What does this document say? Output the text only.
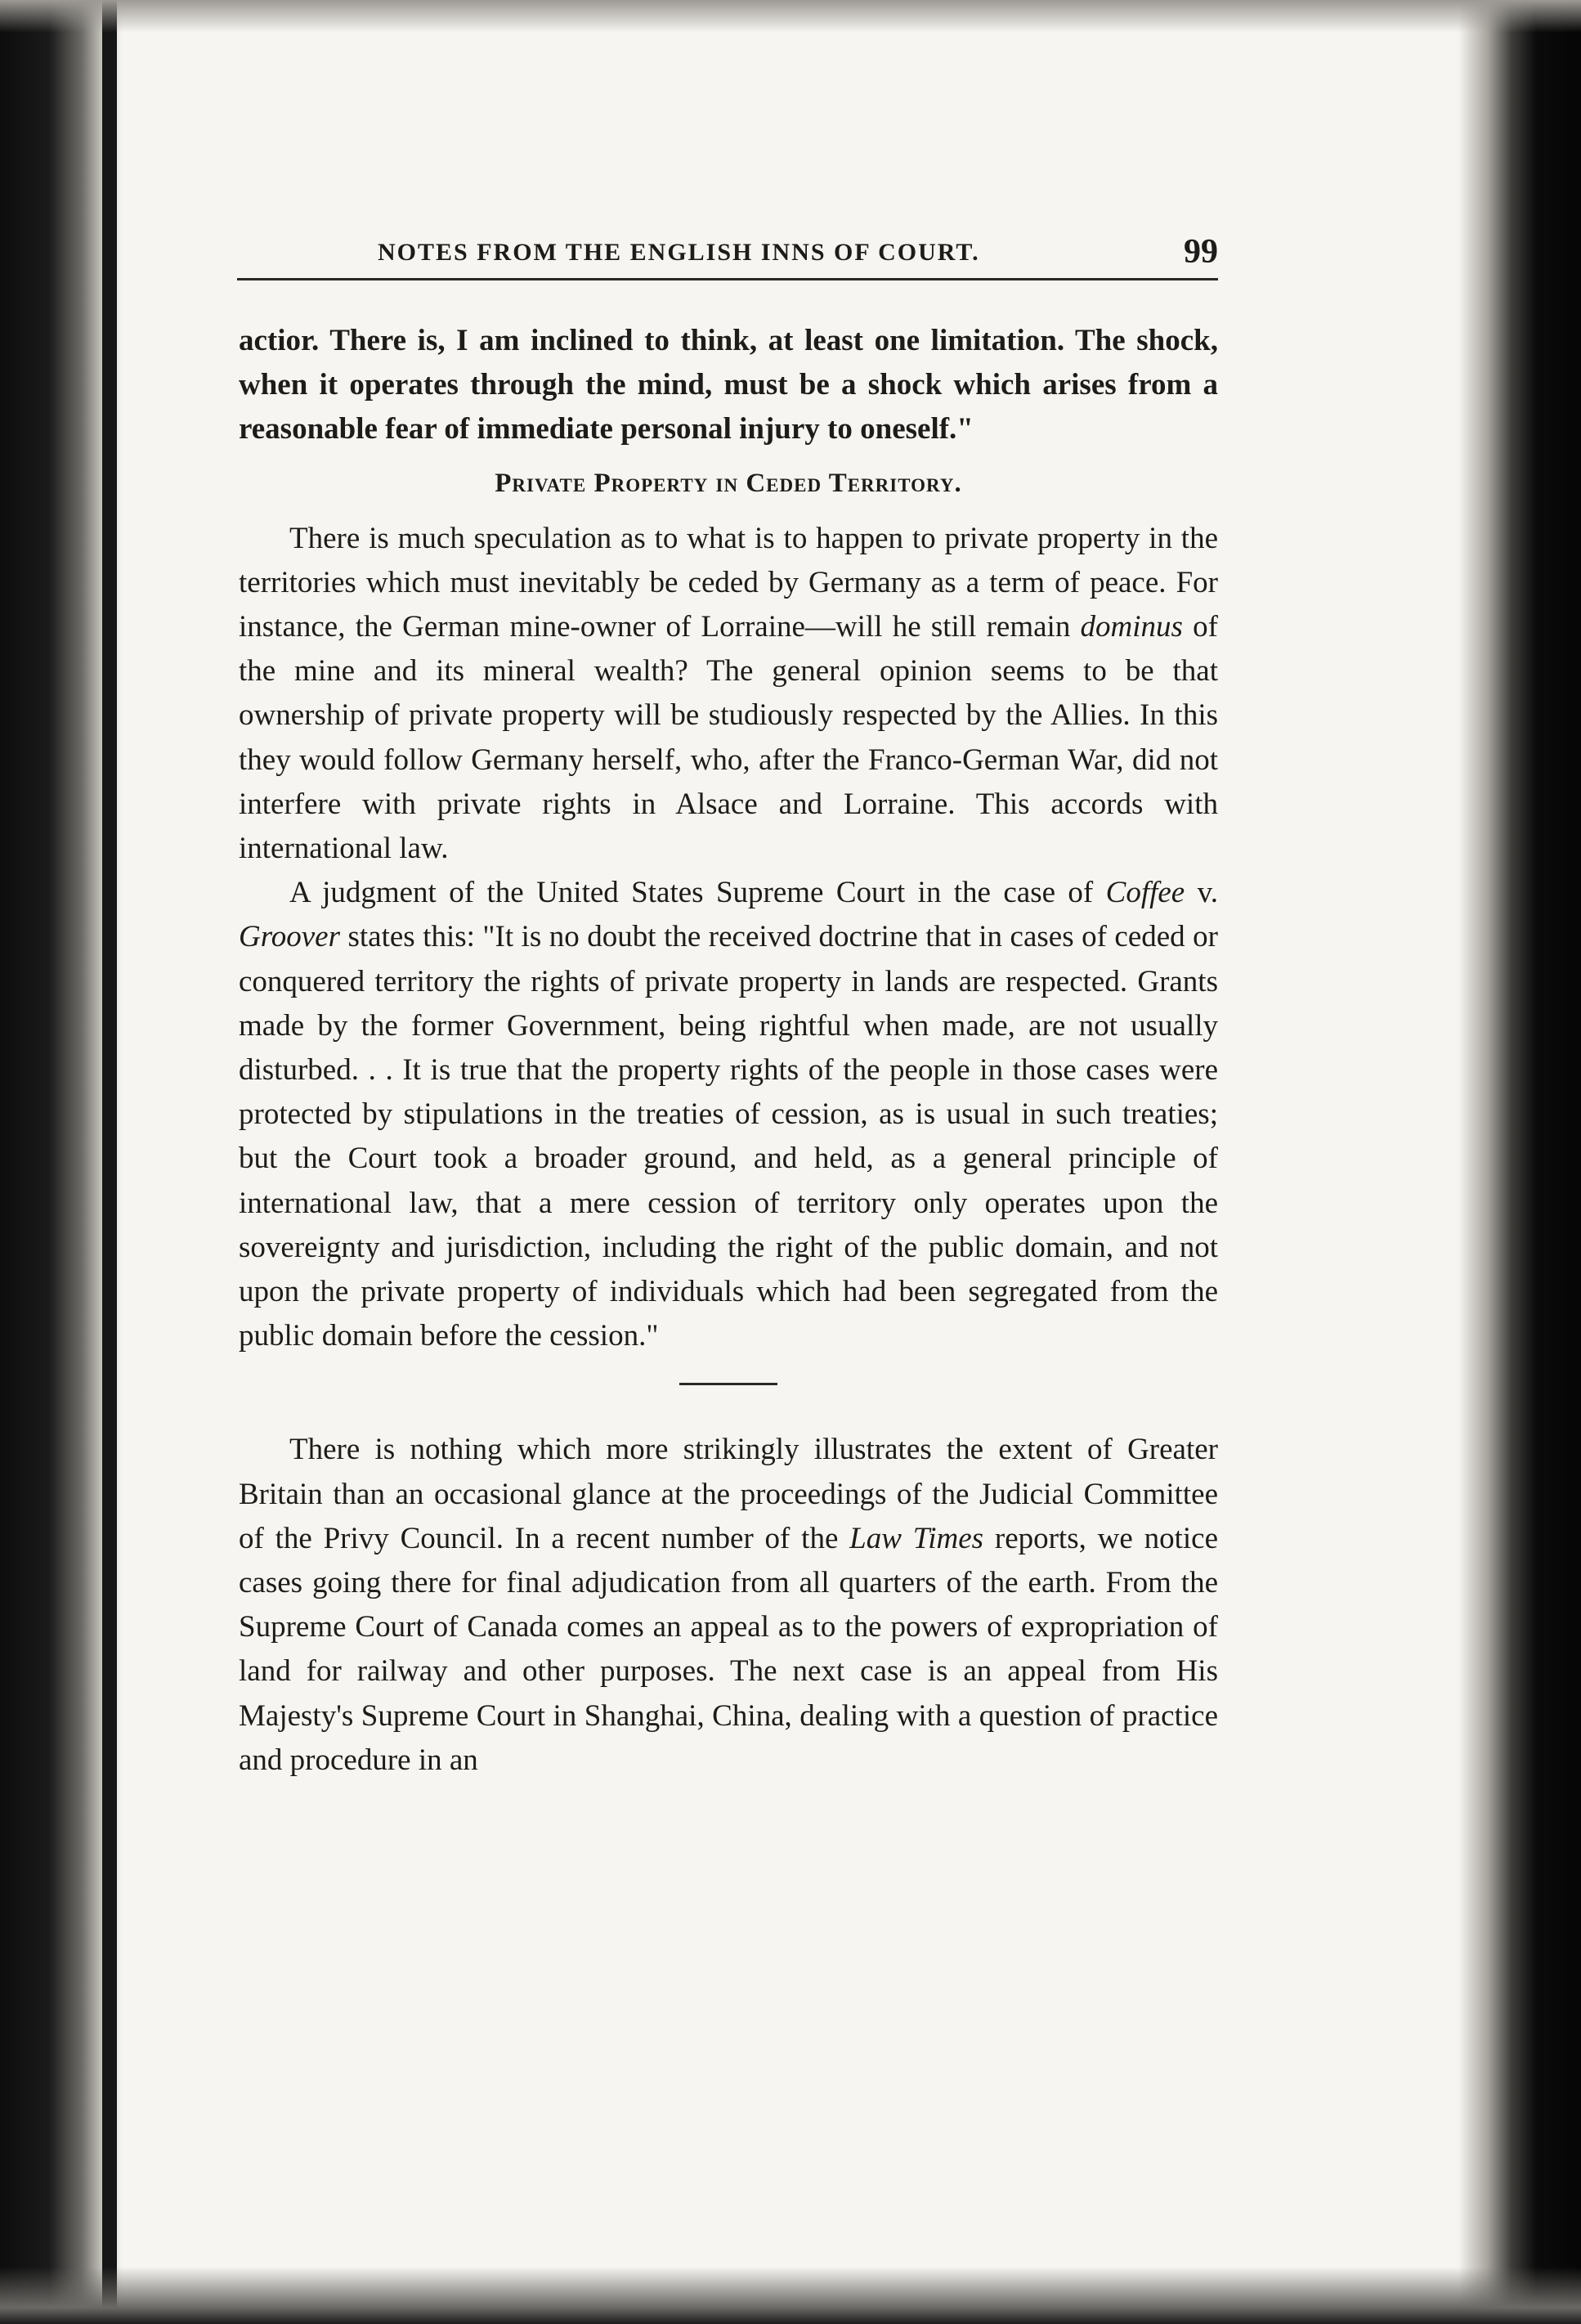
NOTES FROM THE ENGLISH INNS OF COURT.	99

actior. There is, I am inclined to think, at least one limitation. The shock, when it operates through the mind, must be a shock which arises from a reasonable fear of immediate personal injury to oneself."

Private Property in Ceded Territory.

There is much speculation as to what is to happen to private property in the territories which must inevitably be ceded by Germany as a term of peace. For instance, the German mine-owner of Lorraine—will he still remain dominus of the mine and its mineral wealth? The general opinion seems to be that ownership of private property will be studiously respected by the Allies. In this they would follow Germany herself, who, after the Franco-German War, did not interfere with private rights in Alsace and Lorraine. This accords with international law.

A judgment of the United States Supreme Court in the case of Coffee v. Groover states this: "It is no doubt the received doctrine that in cases of ceded or conquered territory the rights of private property in lands are respected. Grants made by the former Government, being rightful when made, are not usually disturbed. . . It is true that the property rights of the people in those cases were protected by stipulations in the treaties of cession, as is usual in such treaties; but the Court took a broader ground, and held, as a general principle of international law, that a mere cession of territory only operates upon the sovereignty and jurisdiction, including the right of the public domain, and not upon the private property of individuals which had been segregated from the public domain before the cession."

There is nothing which more strikingly illustrates the extent of Greater Britain than an occasional glance at the proceedings of the Judicial Committee of the Privy Council. In a recent number of the Law Times reports, we notice cases going there for final adjudication from all quarters of the earth. From the Supreme Court of Canada comes an appeal as to the powers of expropriation of land for railway and other purposes. The next case is an appeal from His Majesty's Supreme Court in Shanghai, China, dealing with a question of practice and procedure in an
